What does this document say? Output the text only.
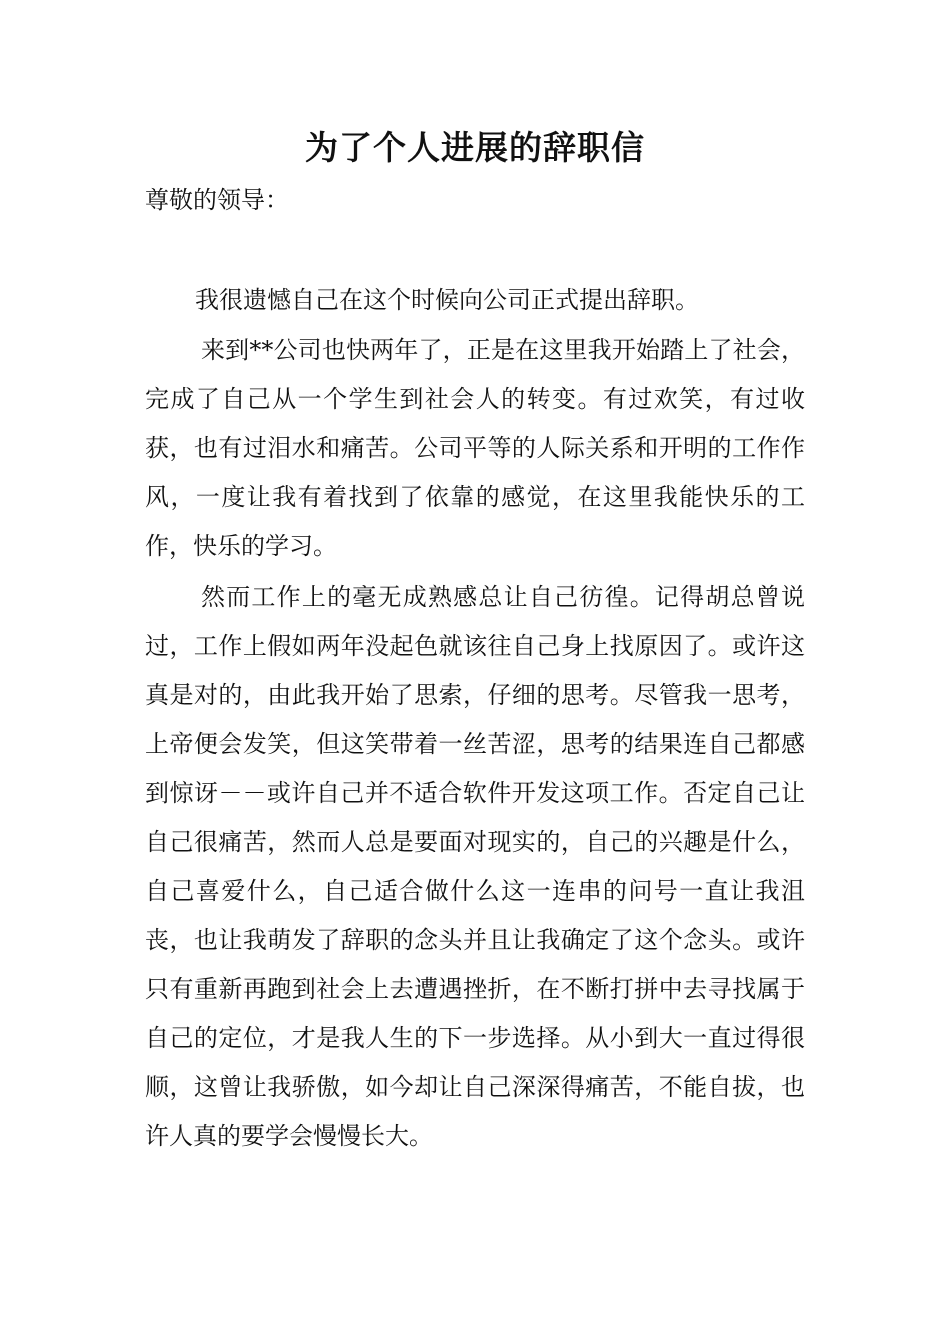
为了个人进展的辞职信

尊敬的领导：

我很遗憾自己在这个时候向公司正式提出辞职。

来到**公司也快两年了，正是在这里我开始踏上了社会，完成了自己从一个学生到社会人的转变。有过欢笑，有过收获，也有过泪水和痛苦。公司平等的人际关系和开明的工作作风，一度让我有着找到了依靠的感觉，在这里我能快乐的工作，快乐的学习。

然而工作上的毫无成熟感总让自己彷徨。记得胡总曾说过，工作上假如两年没起色就该往自己身上找原因了。或许这真是对的，由此我开始了思索，仔细的思考。尽管我一思考，上帝便会发笑，但这笑带着一丝苦涩，思考的结果连自己都感到惊讶－－或许自己并不适合软件开发这项工作。否定自己让自己很痛苦，然而人总是要面对现实的，自己的兴趣是什么，自己喜爱什么，自己适合做什么这一连串的问号一直让我沮丧，也让我萌发了辞职的念头并且让我确定了这个念头。或许只有重新再跑到社会上去遭遇挫折，在不断打拼中去寻找属于自己的定位，才是我人生的下一步选择。从小到大一直过得很顺，这曾让我骄傲，如今却让自己深深得痛苦，不能自拔，也许人真的要学会慢慢长大。
